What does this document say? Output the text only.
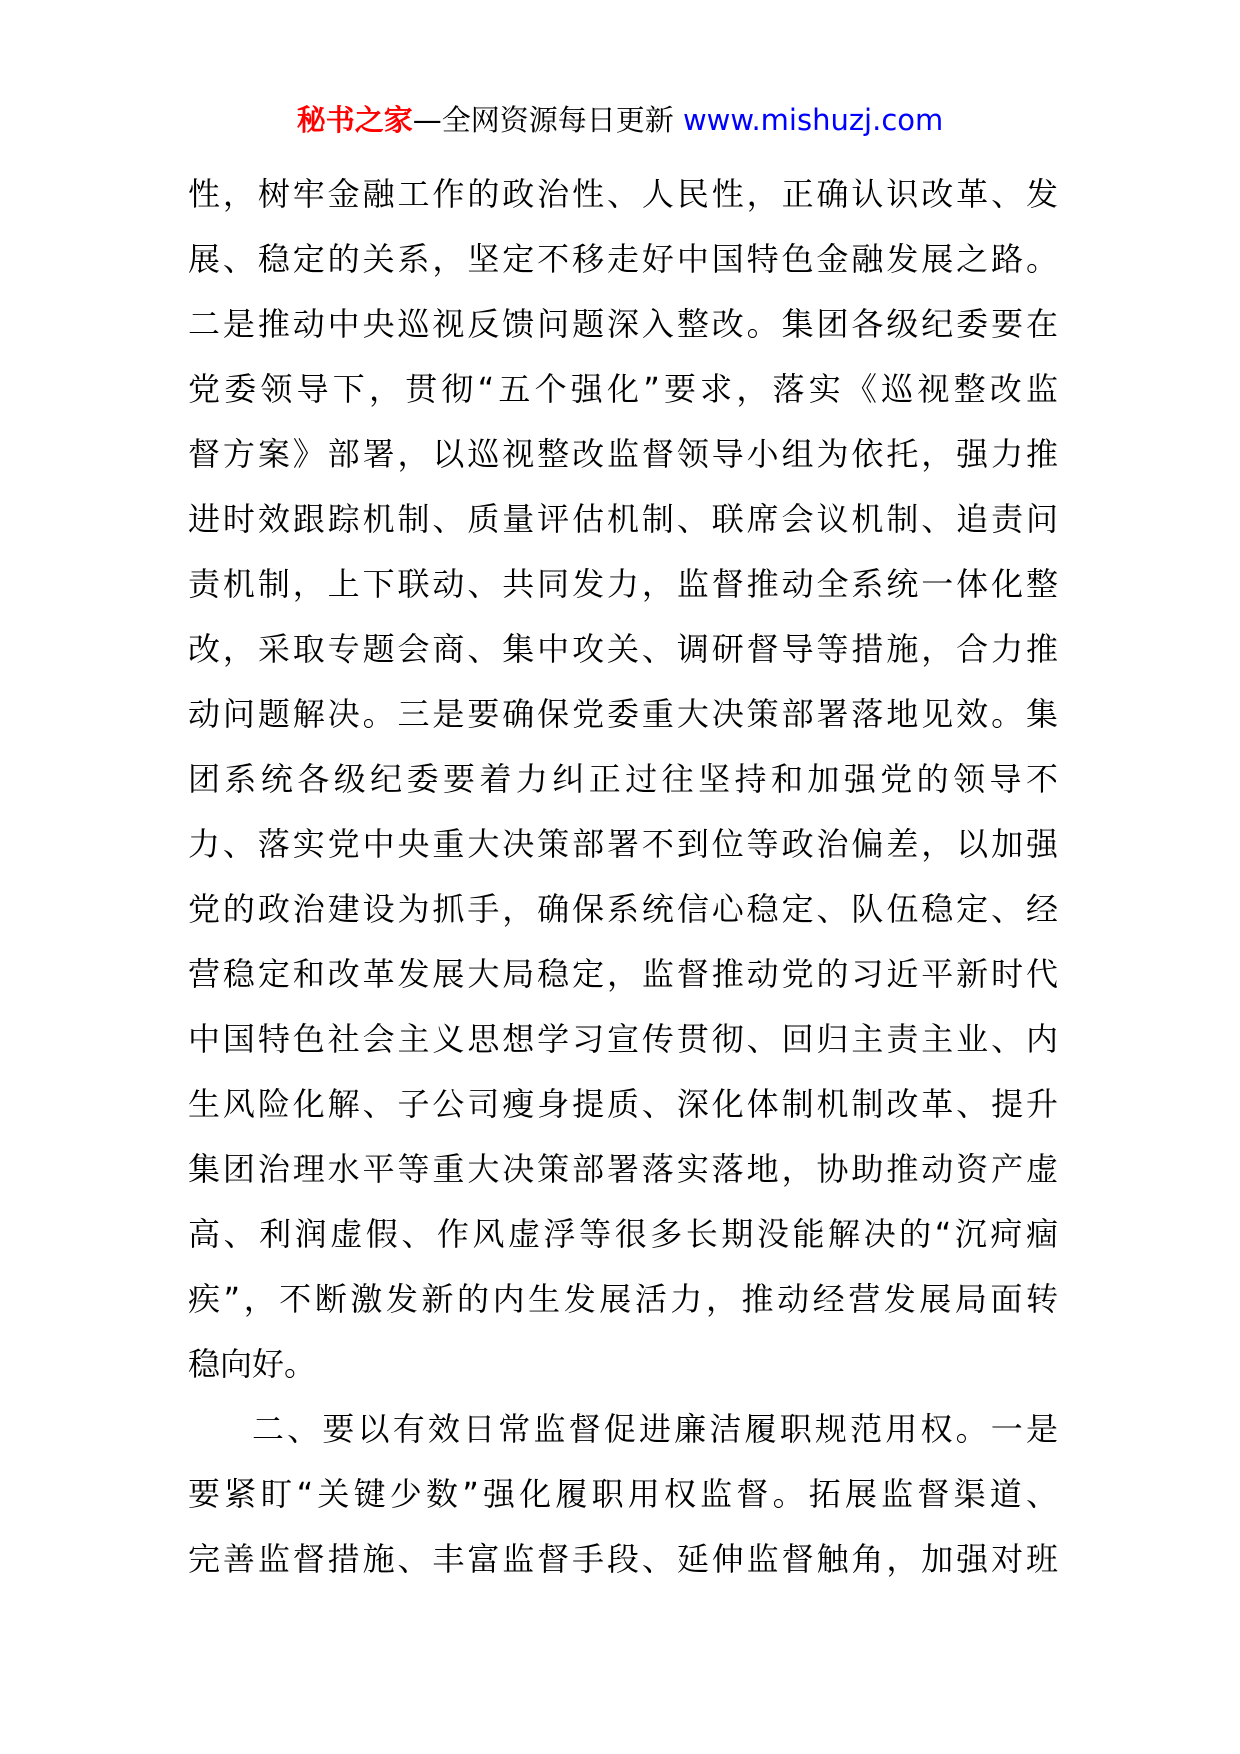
秘书之家—全网资源每日更新 www.mishuzj.com
性，树牢金融工作的政治性、人民性，正确认识改革、发
展、稳定的关系，坚定不移走好中国特色金融发展之路。
二是推动中央巡视反馈问题深入整改。集团各级纪委要在
党委领导下，贯彻“五个强化”要求，落实《巡视整改监
督方案》部署，以巡视整改监督领导小组为依托，强力推
进时效跟踪机制、质量评估机制、联席会议机制、追责问
责机制，上下联动、共同发力，监督推动全系统一体化整
改，采取专题会商、集中攻关、调研督导等措施，合力推
动问题解决。三是要确保党委重大决策部署落地见效。集
团系统各级纪委要着力纠正过往坚持和加强党的领导不
力、落实党中央重大决策部署不到位等政治偏差，以加强
党的政治建设为抓手，确保系统信心稳定、队伍稳定、经
营稳定和改革发展大局稳定，监督推动党的习近平新时代
中国特色社会主义思想学习宣传贯彻、回归主责主业、内
生风险化解、子公司瘦身提质、深化体制机制改革、提升
集团治理水平等重大决策部署落实落地，协助推动资产虚
高、利润虚假、作风虚浮等很多长期没能解决的“沉疴痼
疾”，不断激发新的内生发展活力，推动经营发展局面转
稳向好。
二、要以有效日常监督促进廉洁履职规范用权。一是
要紧盯“关键少数”强化履职用权监督。拓展监督渠道、
完善监督措施、丰富监督手段、延伸监督触角，加强对班
